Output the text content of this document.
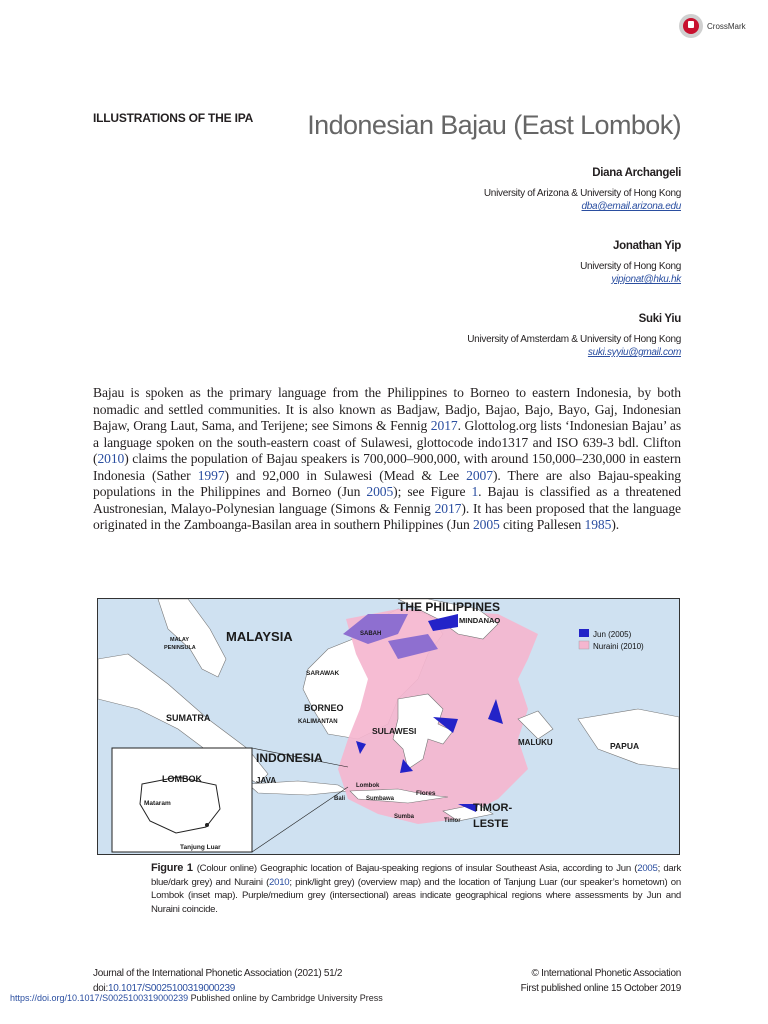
CrossMark
ILLUSTRATIONS OF THE IPA Indonesian Bajau (East Lombok)
Diana Archangeli
University of Arizona & University of Hong Kong
dba@email.arizona.edu
Jonathan Yip
University of Hong Kong
yipjonat@hku.hk
Suki Yiu
University of Amsterdam & University of Hong Kong
suki.syyiu@gmail.com
Bajau is spoken as the primary language from the Philippines to Borneo to eastern Indonesia, by both nomadic and settled communities. It is also known as Badjaw, Badjo, Bajao, Bajo, Bayo, Gaj, Indonesian Bajaw, Orang Laut, Sama, and Terijene; see Simons & Fennig 2017. Glottolog.org lists ‘Indonesian Bajau’ as a language spoken on the south-eastern coast of Sulawesi, glottocode indo1317 and ISO 639-3 bdl. Clifton (2010) claims the population of Bajau speakers is 700,000–900,000, with around 150,000–230,000 in eastern Indonesia (Sather 1997) and 92,000 in Sulawesi (Mead & Lee 2007). There are also Bajau-speaking populations in the Philippines and Borneo (Jun 2005); see Figure 1. Bajau is classified as a threatened Austronesian, Malayo-Polynesian language (Simons & Fennig 2017). It has been proposed that the language originated in the Zamboanga-Basilan area in southern Philippines (Jun 2005 citing Pallesen 1985).
THE PHILIPPINES
MINDANAO
MALAYSIA
MALAY
PENINSULA
SABAH
SARAWAK
BORNEO
KALIMANTAN
SUMATRA
SULAWESI
MALUKU	PAPUA
INDONESIA
JAVA
Lombok
Bali	Sumbawa
Flores
Sumba
Timor
TIMOR-
LESTE
LOMBOK
Mataram
Tanjung Luar
Jun (2005)
Nuraini (2010)
Figure 1 (Colour online) Geographic location of Bajau-speaking regions of insular Southeast Asia, according to Jun (2005; dark blue/dark grey) and Nuraini (2010; pink/light grey) (overview map) and the location of Tanjung Luar (our speaker’s hometown) on Lombok (inset map). Purple/medium grey (intersectional) areas indicate geographical regions where assessments by Jun and Nuraini coincide.
Journal of the International Phonetic Association (2021) 51/2
doi:10.1017/S0025100319000239
© International Phonetic Association
First published online 15 October 2019
https://doi.org/10.1017/S0025100319000239 Published online by Cambridge University Press
